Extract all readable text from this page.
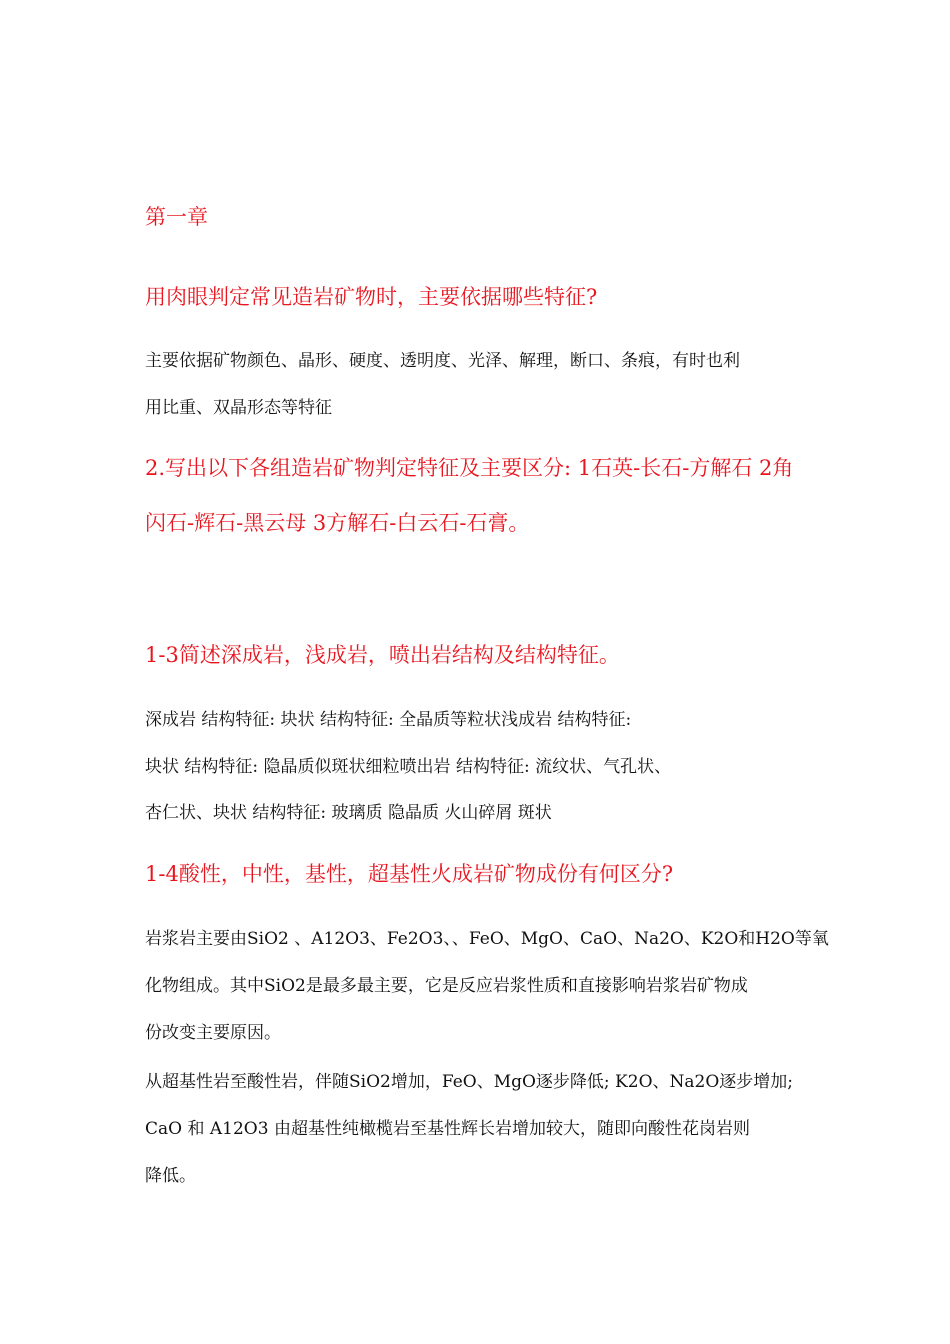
第一章

用肉眼判定常见造岩矿物时，主要依据哪些特征?

主要依据矿物颜色、晶形、硬度、透明度、光泽、解理，断口、条痕，有时也利

用比重、双晶形态等特征

2.写出以下各组造岩矿物判定特征及主要区分: 1石英-长石-方解石 2角

闪石-辉石-黑云母 3方解石-白云石-石膏。

1-3简述深成岩，浅成岩，喷出岩结构及结构特征。

深成岩 结构特征: 块状 结构特征: 全晶质等粒状浅成岩 结构特征:

块状 结构特征: 隐晶质似斑状细粒喷出岩 结构特征: 流纹状、气孔状、

杏仁状、块状 结构特征: 玻璃质 隐晶质 火山碎屑 斑状

1-4酸性，中性，基性，超基性火成岩矿物成份有何区分?

岩浆岩主要由SiO2 、A12O3、Fe2O3、、FeO、MgO、CaO、Na2O、K2O和H2O等氧

化物组成。其中SiO2是最多最主要，它是反应岩浆性质和直接影响岩浆岩矿物成

份改变主要原因。

从超基性岩至酸性岩，伴随SiO2增加，FeO、MgO逐步降低; K2O、Na2O逐步增加;

CaO 和 A12O3 由超基性纯橄榄岩至基性辉长岩增加较大，随即向酸性花岗岩则

降低。
